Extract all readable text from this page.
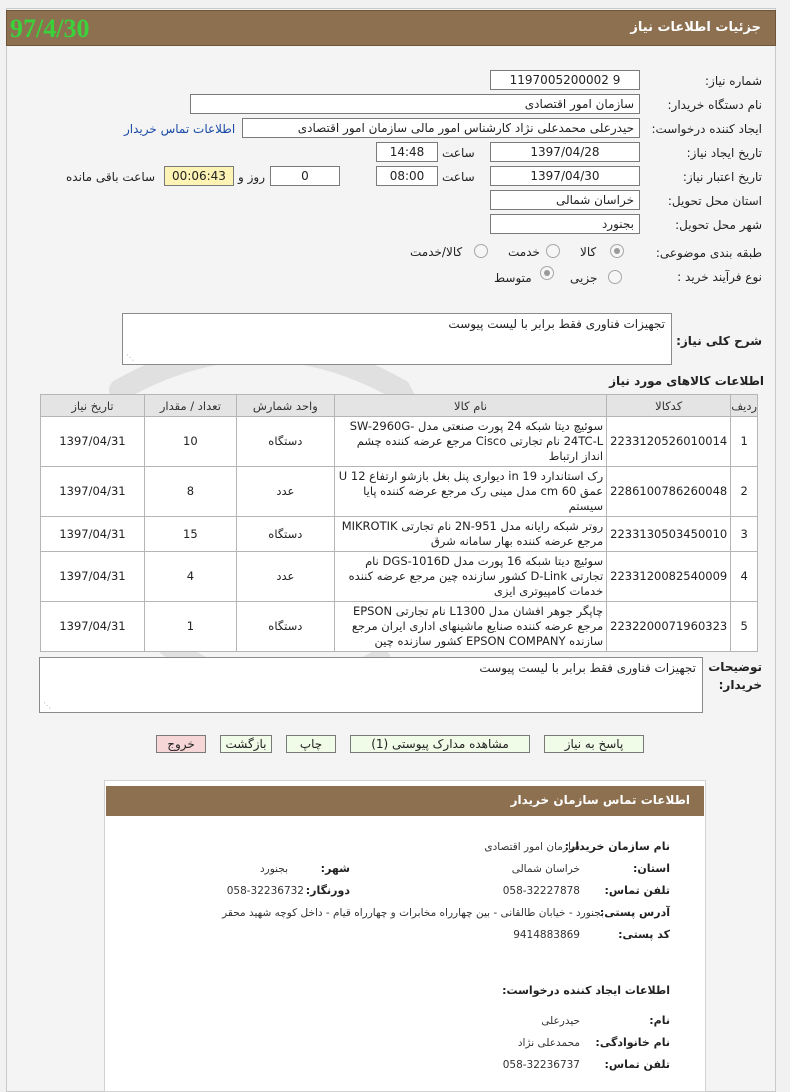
جزئیات اطلاعات نیاز
97/4/30
شماره نیاز:
1197005200002 9
نام دستگاه خریدار:
سازمان امور اقتصادی
ایجاد کننده درخواست:
حیدرعلی محمدعلی نژاد کارشناس امور مالی سازمان امور اقتصادی
اطلاعات تماس خریدار
تاریخ ایجاد نیاز:
1397/04/28
ساعت
14:48
تاریخ اعتبار نیاز:
1397/04/30
ساعت
08:00
0
روز و
00:06:43
ساعت باقی مانده
استان محل تحویل:
خراسان شمالی
شهر محل تحویل:
بجنورد
طبقه بندی موضوعی:
کالا
خدمت
کالا/خدمت
نوع فرآیند خرید :
جزیی
متوسط
تجهیزات فناوری فقط برابر با لیست پیوست
⋰
شرح کلی نیاز:
اطلاعات کالاهای مورد نیاز
ردیف	کدکالا	نام کالا	واحد شمارش	تعداد / مقدار	تاریخ نیاز
1	2233120526010014	سوئیچ دیتا شبکه 24 پورت صنعتی مدل -SW-2960G 24TC-L نام تجارتی Cisco مرجع عرضه کننده چشم انداز ارتباط	دستگاه	10	1397/04/31
2	2286100786260048	رک استاندارد 19 in دیواری پنل بغل بازشو ارتفاع 12 U عمق 60 cm مدل مینی رک مرجع عرضه کننده پایا سیستم	عدد	8	1397/04/31
3	2233130503450010	روتر شبکه رایانه مدل 951-2N نام تجارتی MIKROTIK مرجع عرضه کننده بهار سامانه شرق	دستگاه	15	1397/04/31
4	2233120082540009	سوئیچ دیتا شبکه 16 پورت مدل DGS-1016D نام تجارتی D-Link کشور سازنده چین مرجع عرضه کننده خدمات کامپیوتری ایزی	عدد	4	1397/04/31
5	2232200071960323	چاپگر جوهر افشان مدل L1300 نام تجارتی EPSON مرجع عرضه کننده صنایع ماشینهای اداری ایران مرجع سازنده EPSON COMPANY کشور سازنده چین	دستگاه	1	1397/04/31
تجهیزات فناوری فقط برابر با لیست پیوست
⋰
توضیحات خریدار:
پاسخ به نیاز
مشاهده مدارک پیوستی (1)
چاپ
بازگشت
خروج
اطلاعات تماس سازمان خریدار
نام سازمان خریدار:
سازمان امور اقتصادی
استان:
خراسان شمالی
شهر:
بجنورد
تلفن تماس:
058-32227878
دورنگار:
058-32236732
آدرس پستی:
بجنورد - خیابان طالقانی - بین چهارراه مخابرات و چهارراه قیام - داخل کوچه شهید محقر
کد پستی:
9414883869
اطلاعات ایجاد کننده درخواست:
نام:
حیدرعلی
نام خانوادگی:
محمدعلی نژاد
تلفن تماس:
058-32236737
